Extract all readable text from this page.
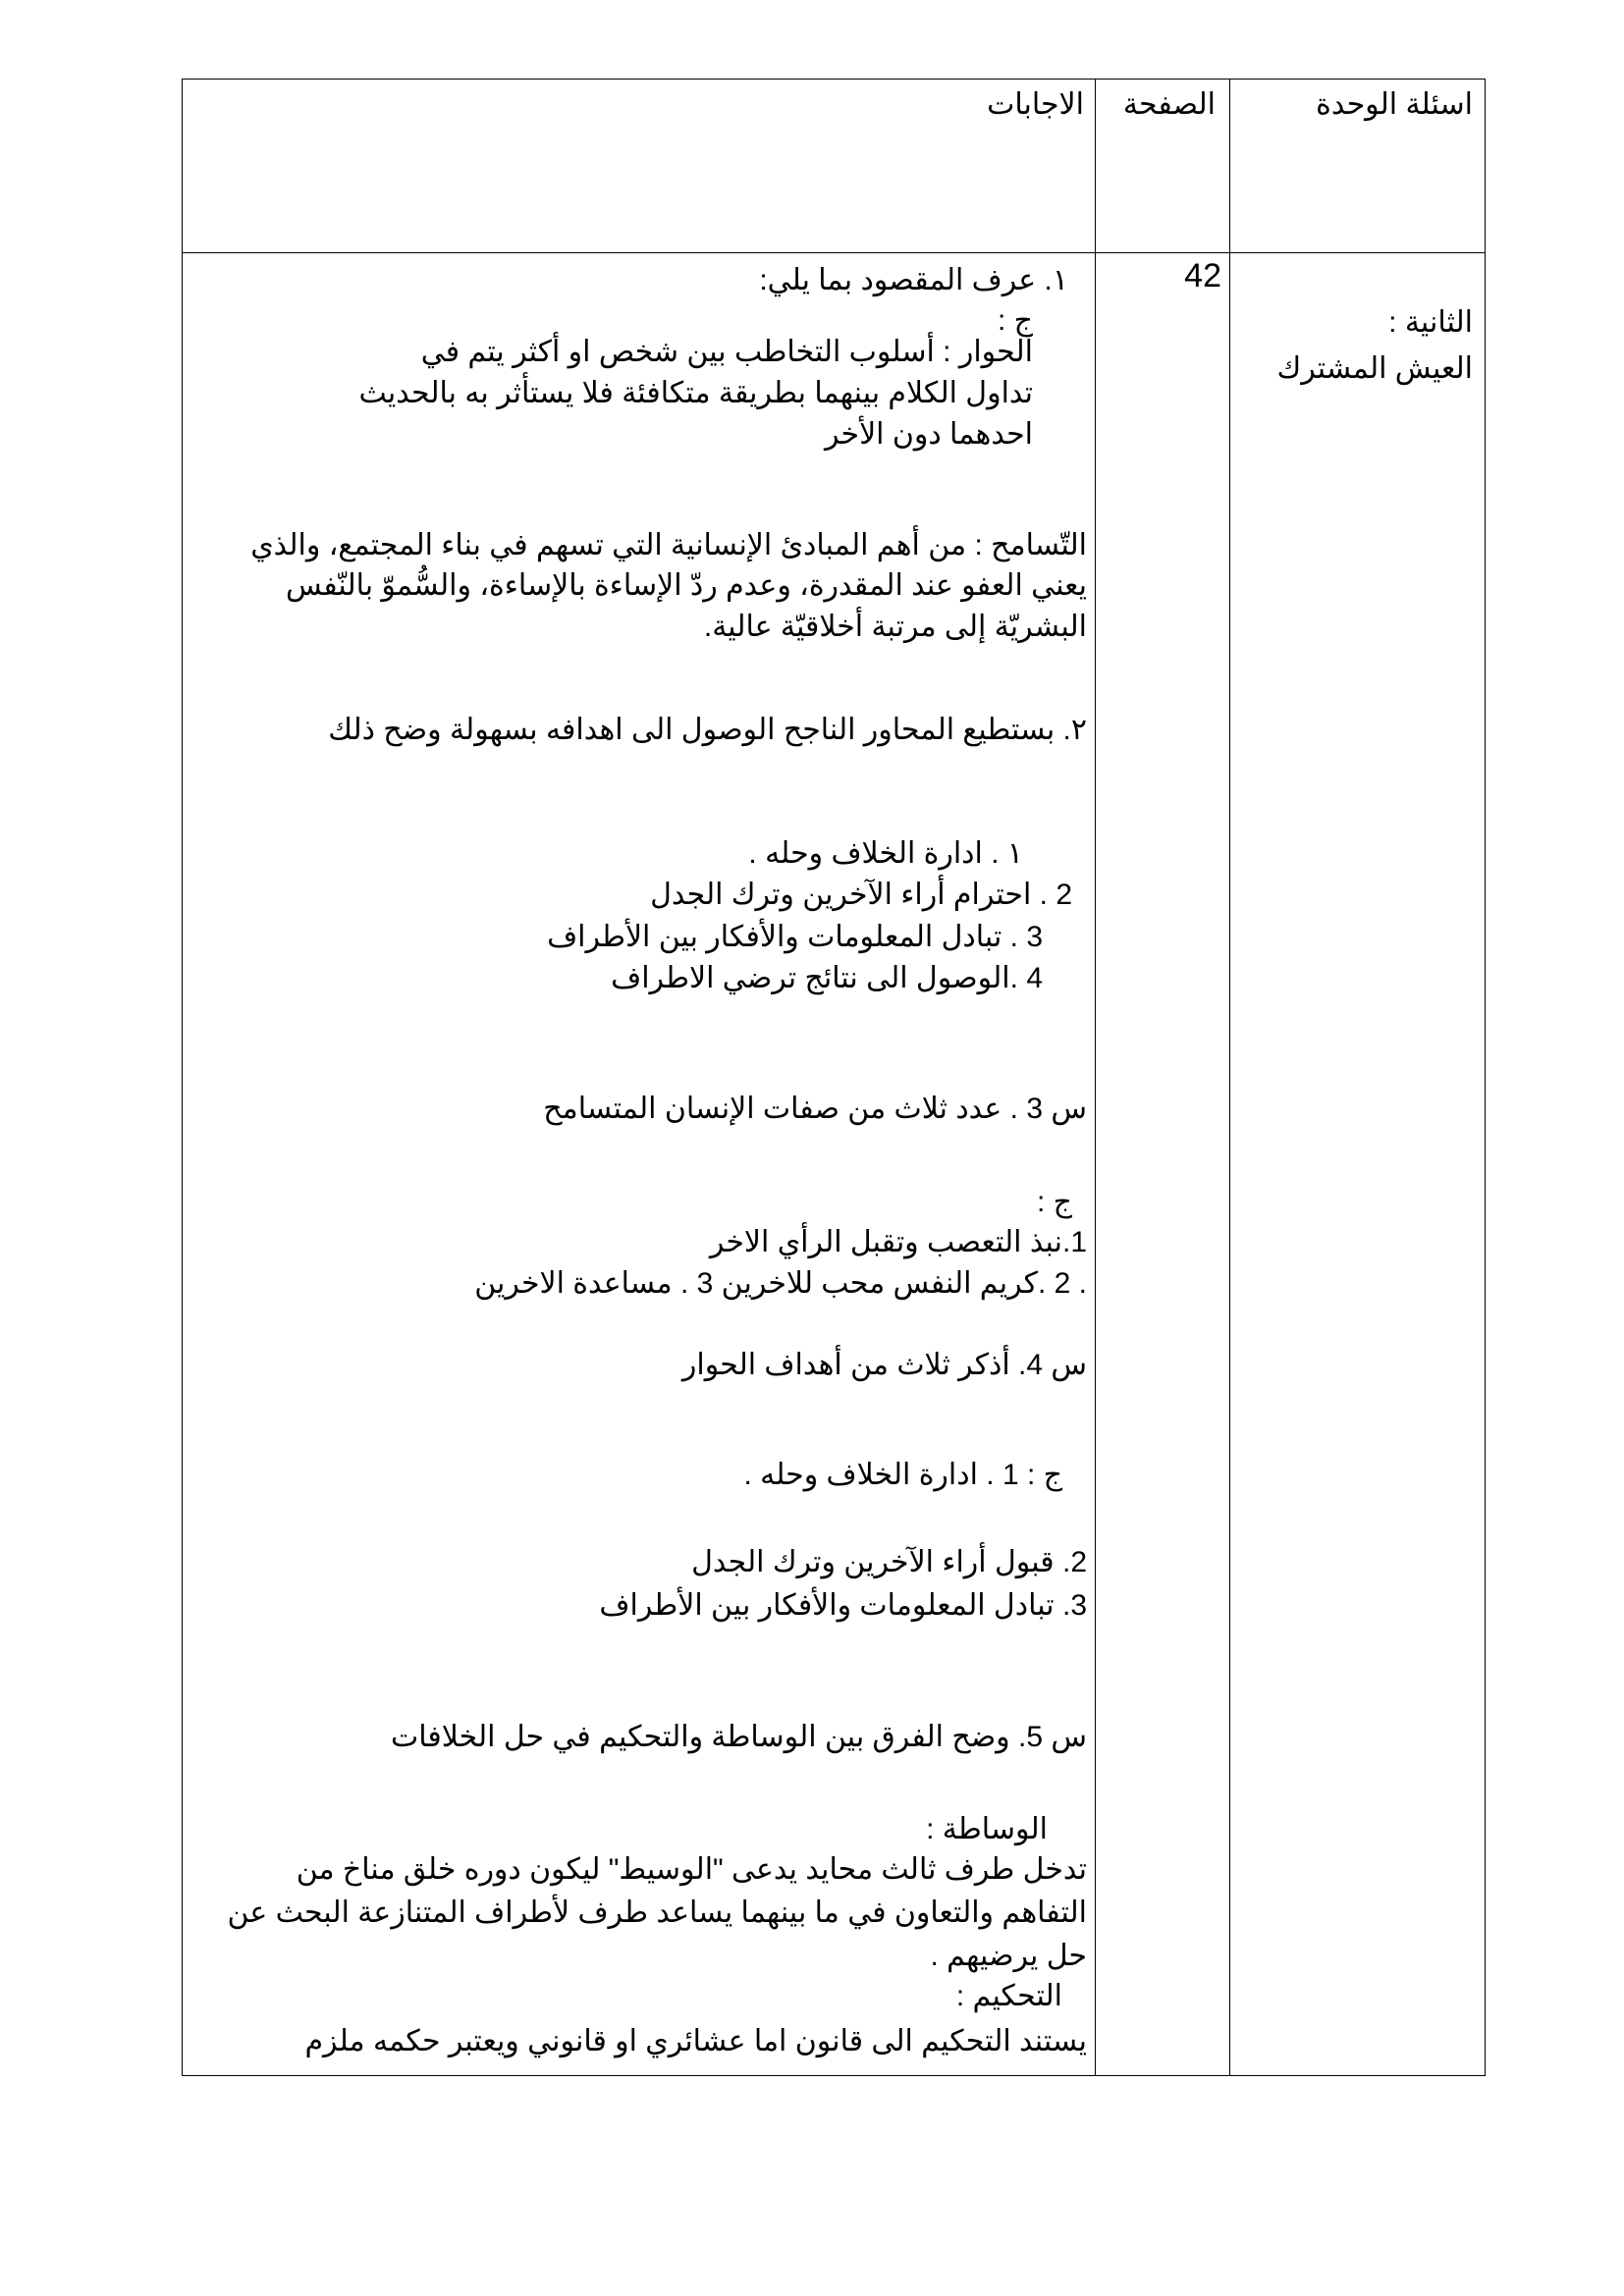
اسئلة الوحدة
الصفحة
الاجابات
الثانية :
العيش المشترك
42
١. عرف المقصود بما يلي:
ج :
الحوار : أسلوب التخاطب بين شخص او أكثر يتم في
تداول الكلام بينهما بطريقة متكافئة فلا يستأثر به بالحديث
احدهما دون الأخر
التّسامح : من أهم المبادئ الإنسانية التي تسهم في بناء المجتمع، والذي
يعني العفو عند المقدرة، وعدم ردّ الإساءة بالإساءة، والسُّموّ بالنّفس
البشريّة إلى مرتبة أخلاقيّة عالية.
٢. بستطيع المحاور الناجح الوصول الى اهدافه بسهولة وضح ذلك
١ . ادارة الخلاف وحله .
2 . احترام أراء الآخرين وترك الجدل
3 . تبادل المعلومات والأفكار بين الأطراف
4 .الوصول الى نتائج ترضي الاطراف
س 3 . عدد ثلاث من صفات الإنسان المتسامح
ج :
1.نبذ التعصب وتقبل الرأي الاخر
. 2 .كريم النفس محب للاخرين 3 . مساعدة الاخرين
س 4. أذكر ثلاث من أهداف الحوار
ج : 1 . ادارة الخلاف وحله .
2. قبول أراء الآخرين وترك الجدل
3. تبادل المعلومات والأفكار بين الأطراف
س 5. وضح الفرق بين الوساطة والتحكيم في حل الخلافات
الوساطة :
تدخل طرف ثالث محايد يدعى "الوسيط" ليكون دوره خلق مناخ من
التفاهم والتعاون في ما بينهما يساعد طرف لأطراف المتنازعة البحث عن
حل يرضيهم .
التحكيم :
يستند التحكيم الى قانون اما عشائري او قانوني ويعتبر حكمه ملزم
